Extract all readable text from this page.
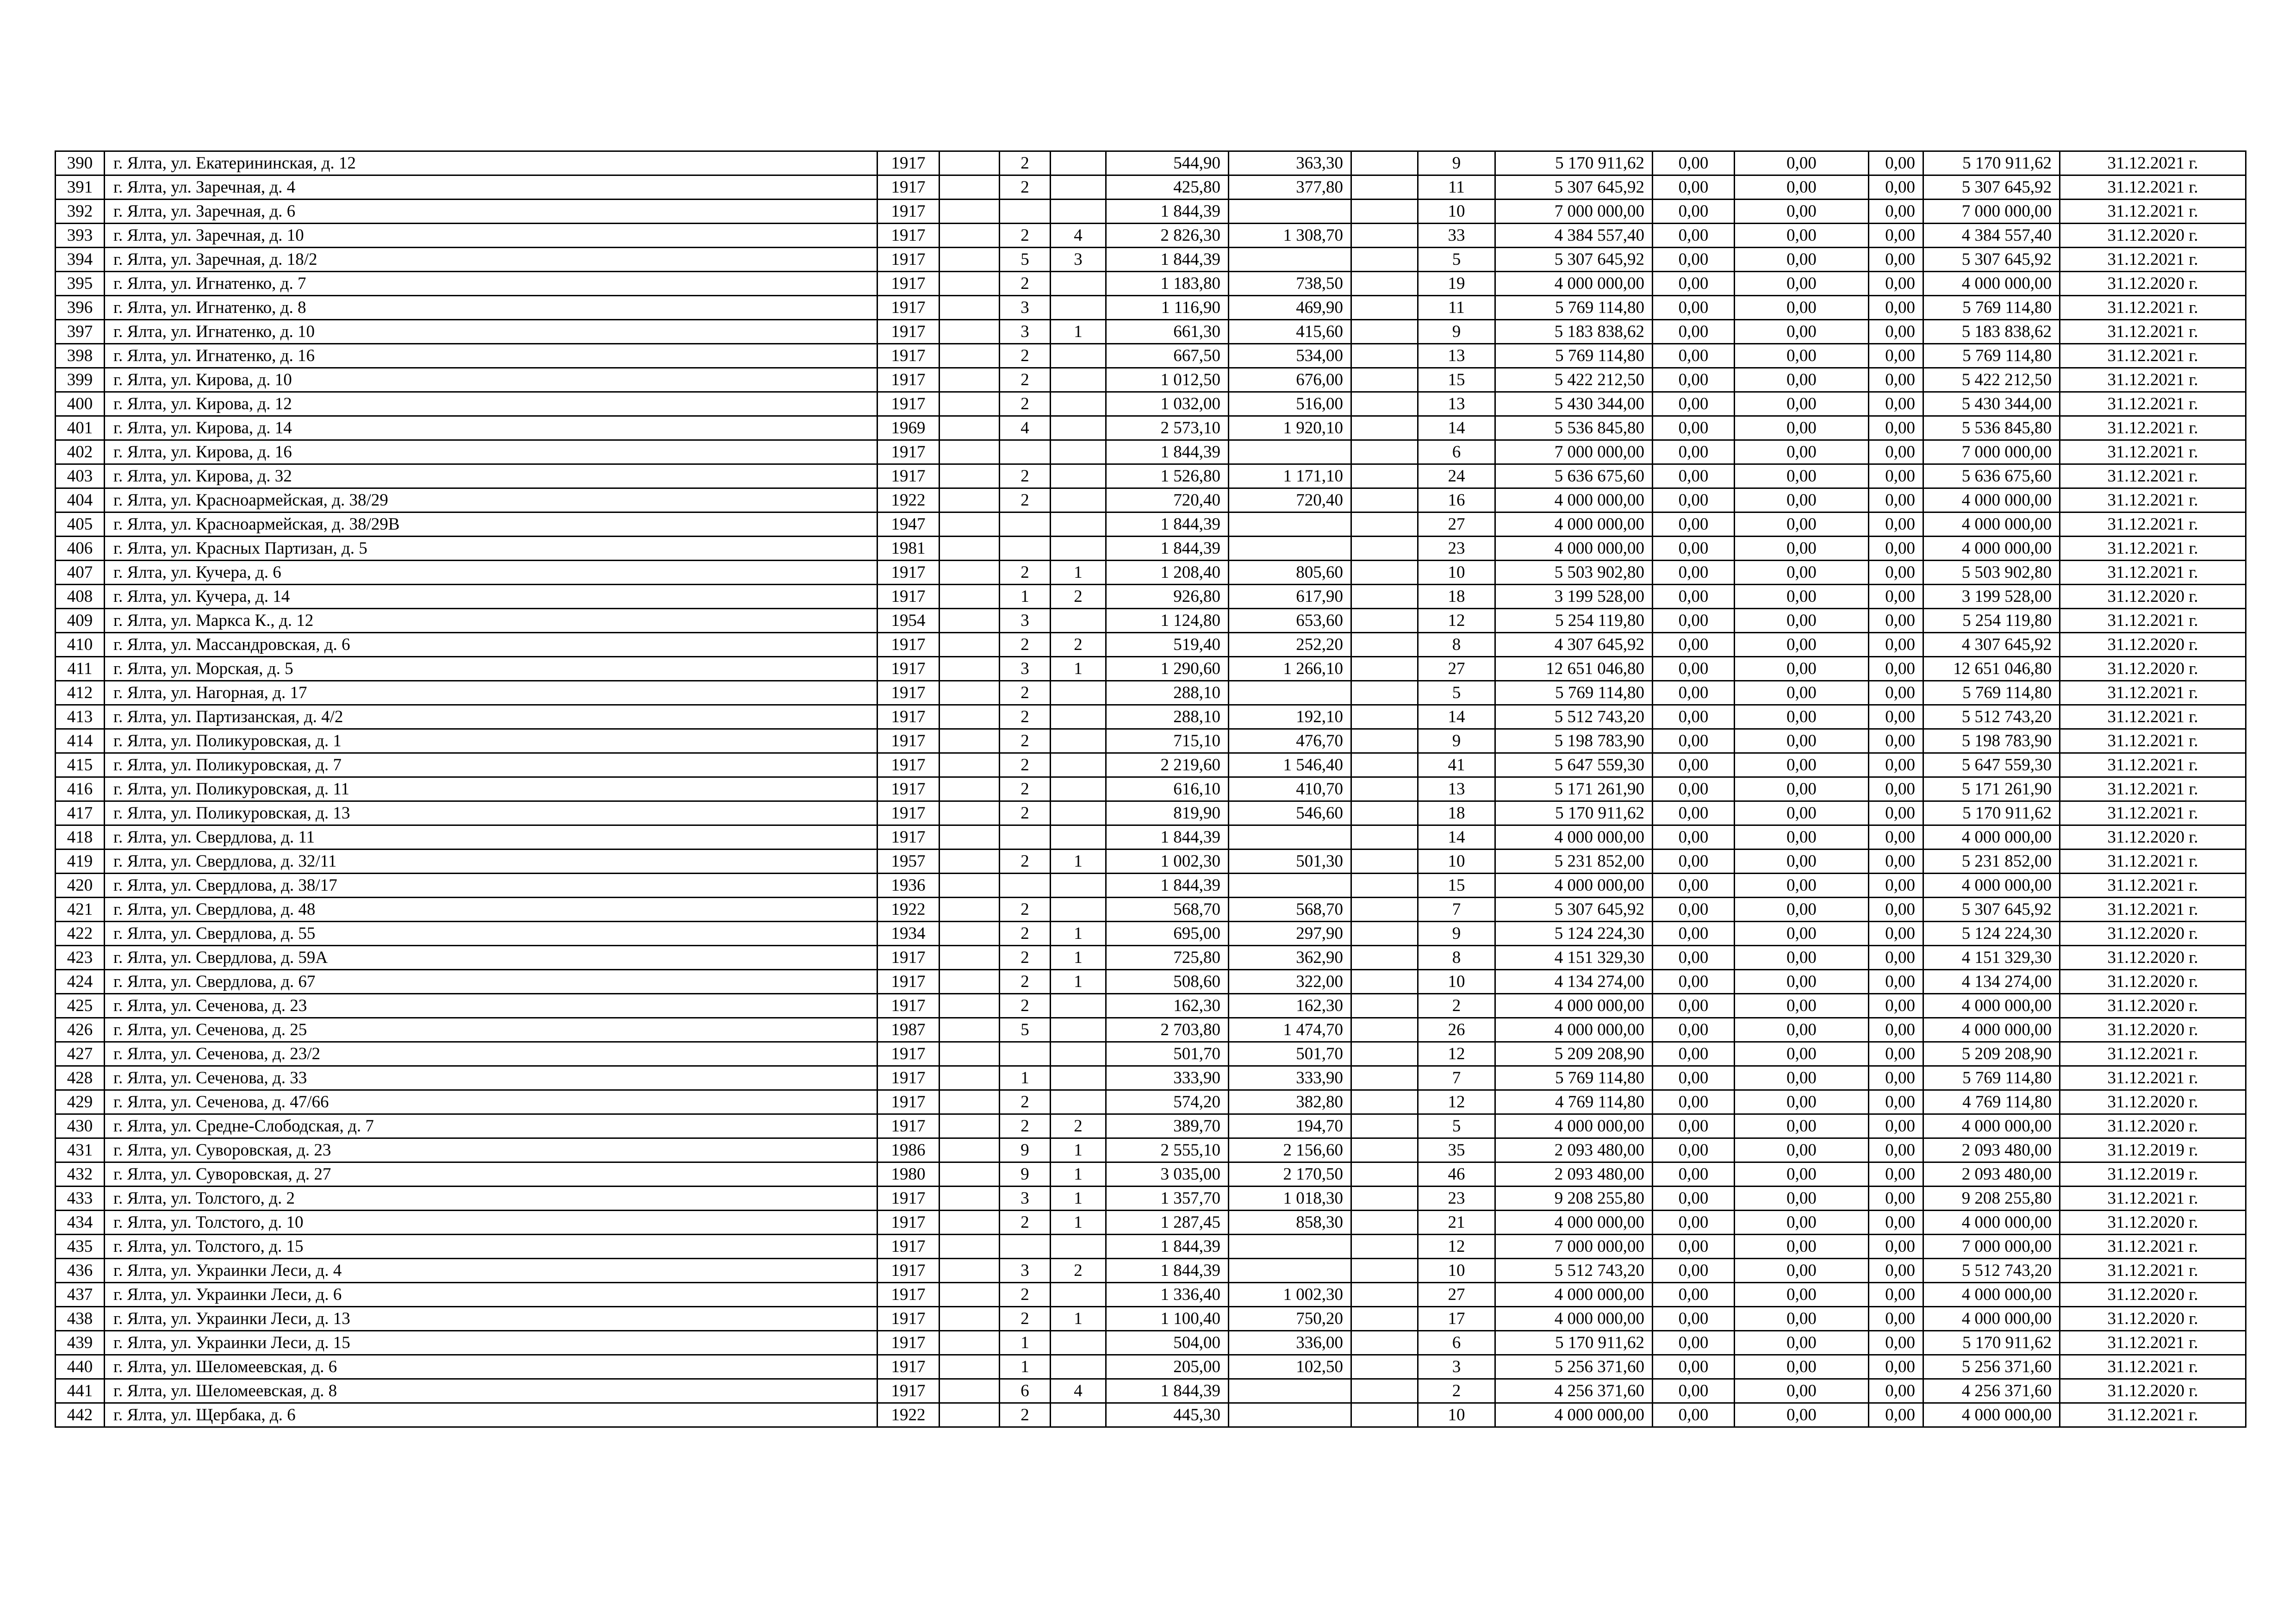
390	г. Ялта, ул. Екатерининская, д. 12	1917		2		544,90	363,30		9	5 170 911,62	0,00	0,00	0,00	5 170 911,62	31.12.2021 г.
391	г. Ялта, ул. Заречная, д. 4	1917		2		425,80	377,80		11	5 307 645,92	0,00	0,00	0,00	5 307 645,92	31.12.2021 г.
392	г. Ялта, ул. Заречная, д. 6	1917				1 844,39			10	7 000 000,00	0,00	0,00	0,00	7 000 000,00	31.12.2021 г.
393	г. Ялта, ул. Заречная, д. 10	1917		2	4	2 826,30	1 308,70		33	4 384 557,40	0,00	0,00	0,00	4 384 557,40	31.12.2020 г.
394	г. Ялта, ул. Заречная, д. 18/2	1917		5	3	1 844,39			5	5 307 645,92	0,00	0,00	0,00	5 307 645,92	31.12.2021 г.
395	г. Ялта, ул. Игнатенко, д. 7	1917		2		1 183,80	738,50		19	4 000 000,00	0,00	0,00	0,00	4 000 000,00	31.12.2020 г.
396	г. Ялта, ул. Игнатенко, д. 8	1917		3		1 116,90	469,90		11	5 769 114,80	0,00	0,00	0,00	5 769 114,80	31.12.2021 г.
397	г. Ялта, ул. Игнатенко, д. 10	1917		3	1	661,30	415,60		9	5 183 838,62	0,00	0,00	0,00	5 183 838,62	31.12.2021 г.
398	г. Ялта, ул. Игнатенко, д. 16	1917		2		667,50	534,00		13	5 769 114,80	0,00	0,00	0,00	5 769 114,80	31.12.2021 г.
399	г. Ялта, ул. Кирова, д. 10	1917		2		1 012,50	676,00		15	5 422 212,50	0,00	0,00	0,00	5 422 212,50	31.12.2021 г.
400	г. Ялта, ул. Кирова, д. 12	1917		2		1 032,00	516,00		13	5 430 344,00	0,00	0,00	0,00	5 430 344,00	31.12.2021 г.
401	г. Ялта, ул. Кирова, д. 14	1969		4		2 573,10	1 920,10		14	5 536 845,80	0,00	0,00	0,00	5 536 845,80	31.12.2021 г.
402	г. Ялта, ул. Кирова, д. 16	1917				1 844,39			6	7 000 000,00	0,00	0,00	0,00	7 000 000,00	31.12.2021 г.
403	г. Ялта, ул. Кирова, д. 32	1917		2		1 526,80	1 171,10		24	5 636 675,60	0,00	0,00	0,00	5 636 675,60	31.12.2021 г.
404	г. Ялта, ул. Красноармейская, д. 38/29	1922		2		720,40	720,40		16	4 000 000,00	0,00	0,00	0,00	4 000 000,00	31.12.2021 г.
405	г. Ялта, ул. Красноармейская, д. 38/29В	1947				1 844,39			27	4 000 000,00	0,00	0,00	0,00	4 000 000,00	31.12.2021 г.
406	г. Ялта, ул. Красных Партизан, д. 5	1981				1 844,39			23	4 000 000,00	0,00	0,00	0,00	4 000 000,00	31.12.2021 г.
407	г. Ялта, ул. Кучера, д. 6	1917		2	1	1 208,40	805,60		10	5 503 902,80	0,00	0,00	0,00	5 503 902,80	31.12.2021 г.
408	г. Ялта, ул. Кучера, д. 14	1917		1	2	926,80	617,90		18	3 199 528,00	0,00	0,00	0,00	3 199 528,00	31.12.2020 г.
409	г. Ялта, ул. Маркса К., д. 12	1954		3		1 124,80	653,60		12	5 254 119,80	0,00	0,00	0,00	5 254 119,80	31.12.2021 г.
410	г. Ялта, ул. Массандровская, д. 6	1917		2	2	519,40	252,20		8	4 307 645,92	0,00	0,00	0,00	4 307 645,92	31.12.2020 г.
411	г. Ялта, ул. Морская, д. 5	1917		3	1	1 290,60	1 266,10		27	12 651 046,80	0,00	0,00	0,00	12 651 046,80	31.12.2020 г.
412	г. Ялта, ул. Нагорная, д. 17	1917		2		288,10			5	5 769 114,80	0,00	0,00	0,00	5 769 114,80	31.12.2021 г.
413	г. Ялта, ул. Партизанская, д. 4/2	1917		2		288,10	192,10		14	5 512 743,20	0,00	0,00	0,00	5 512 743,20	31.12.2021 г.
414	г. Ялта, ул. Поликуровская, д. 1	1917		2		715,10	476,70		9	5 198 783,90	0,00	0,00	0,00	5 198 783,90	31.12.2021 г.
415	г. Ялта, ул. Поликуровская, д. 7	1917		2		2 219,60	1 546,40		41	5 647 559,30	0,00	0,00	0,00	5 647 559,30	31.12.2021 г.
416	г. Ялта, ул. Поликуровская, д. 11	1917		2		616,10	410,70		13	5 171 261,90	0,00	0,00	0,00	5 171 261,90	31.12.2021 г.
417	г. Ялта, ул. Поликуровская, д. 13	1917		2		819,90	546,60		18	5 170 911,62	0,00	0,00	0,00	5 170 911,62	31.12.2021 г.
418	г. Ялта, ул. Свердлова, д. 11	1917				1 844,39			14	4 000 000,00	0,00	0,00	0,00	4 000 000,00	31.12.2020 г.
419	г. Ялта, ул. Свердлова, д. 32/11	1957		2	1	1 002,30	501,30		10	5 231 852,00	0,00	0,00	0,00	5 231 852,00	31.12.2021 г.
420	г. Ялта, ул. Свердлова, д. 38/17	1936				1 844,39			15	4 000 000,00	0,00	0,00	0,00	4 000 000,00	31.12.2021 г.
421	г. Ялта, ул. Свердлова, д. 48	1922		2		568,70	568,70		7	5 307 645,92	0,00	0,00	0,00	5 307 645,92	31.12.2021 г.
422	г. Ялта, ул. Свердлова, д. 55	1934		2	1	695,00	297,90		9	5 124 224,30	0,00	0,00	0,00	5 124 224,30	31.12.2020 г.
423	г. Ялта, ул. Свердлова, д. 59А	1917		2	1	725,80	362,90		8	4 151 329,30	0,00	0,00	0,00	4 151 329,30	31.12.2020 г.
424	г. Ялта, ул. Свердлова, д. 67	1917		2	1	508,60	322,00		10	4 134 274,00	0,00	0,00	0,00	4 134 274,00	31.12.2020 г.
425	г. Ялта, ул. Сеченова, д. 23	1917		2		162,30	162,30		2	4 000 000,00	0,00	0,00	0,00	4 000 000,00	31.12.2020 г.
426	г. Ялта, ул. Сеченова, д. 25	1987		5		2 703,80	1 474,70		26	4 000 000,00	0,00	0,00	0,00	4 000 000,00	31.12.2020 г.
427	г. Ялта, ул. Сеченова, д. 23/2	1917				501,70	501,70		12	5 209 208,90	0,00	0,00	0,00	5 209 208,90	31.12.2021 г.
428	г. Ялта, ул. Сеченова, д. 33	1917		1		333,90	333,90		7	5 769 114,80	0,00	0,00	0,00	5 769 114,80	31.12.2021 г.
429	г. Ялта, ул. Сеченова, д. 47/66	1917		2		574,20	382,80		12	4 769 114,80	0,00	0,00	0,00	4 769 114,80	31.12.2020 г.
430	г. Ялта, ул. Средне-Слободская, д. 7	1917		2	2	389,70	194,70		5	4 000 000,00	0,00	0,00	0,00	4 000 000,00	31.12.2020 г.
431	г. Ялта, ул. Суворовская, д. 23	1986		9	1	2 555,10	2 156,60		35	2 093 480,00	0,00	0,00	0,00	2 093 480,00	31.12.2019 г.
432	г. Ялта, ул. Суворовская, д. 27	1980		9	1	3 035,00	2 170,50		46	2 093 480,00	0,00	0,00	0,00	2 093 480,00	31.12.2019 г.
433	г. Ялта, ул. Толстого, д. 2	1917		3	1	1 357,70	1 018,30		23	9 208 255,80	0,00	0,00	0,00	9 208 255,80	31.12.2021 г.
434	г. Ялта, ул. Толстого, д. 10	1917		2	1	1 287,45	858,30		21	4 000 000,00	0,00	0,00	0,00	4 000 000,00	31.12.2020 г.
435	г. Ялта, ул. Толстого, д. 15	1917				1 844,39			12	7 000 000,00	0,00	0,00	0,00	7 000 000,00	31.12.2021 г.
436	г. Ялта, ул. Украинки Леси, д. 4	1917		3	2	1 844,39			10	5 512 743,20	0,00	0,00	0,00	5 512 743,20	31.12.2021 г.
437	г. Ялта, ул. Украинки Леси, д. 6	1917		2		1 336,40	1 002,30		27	4 000 000,00	0,00	0,00	0,00	4 000 000,00	31.12.2020 г.
438	г. Ялта, ул. Украинки Леси, д. 13	1917		2	1	1 100,40	750,20		17	4 000 000,00	0,00	0,00	0,00	4 000 000,00	31.12.2020 г.
439	г. Ялта, ул. Украинки Леси, д. 15	1917		1		504,00	336,00		6	5 170 911,62	0,00	0,00	0,00	5 170 911,62	31.12.2021 г.
440	г. Ялта, ул. Шеломеевская, д. 6	1917		1		205,00	102,50		3	5 256 371,60	0,00	0,00	0,00	5 256 371,60	31.12.2021 г.
441	г. Ялта, ул. Шеломеевская, д. 8	1917		6	4	1 844,39			2	4 256 371,60	0,00	0,00	0,00	4 256 371,60	31.12.2020 г.
442	г. Ялта, ул. Щербака, д. 6	1922		2		445,30			10	4 000 000,00	0,00	0,00	0,00	4 000 000,00	31.12.2021 г.
